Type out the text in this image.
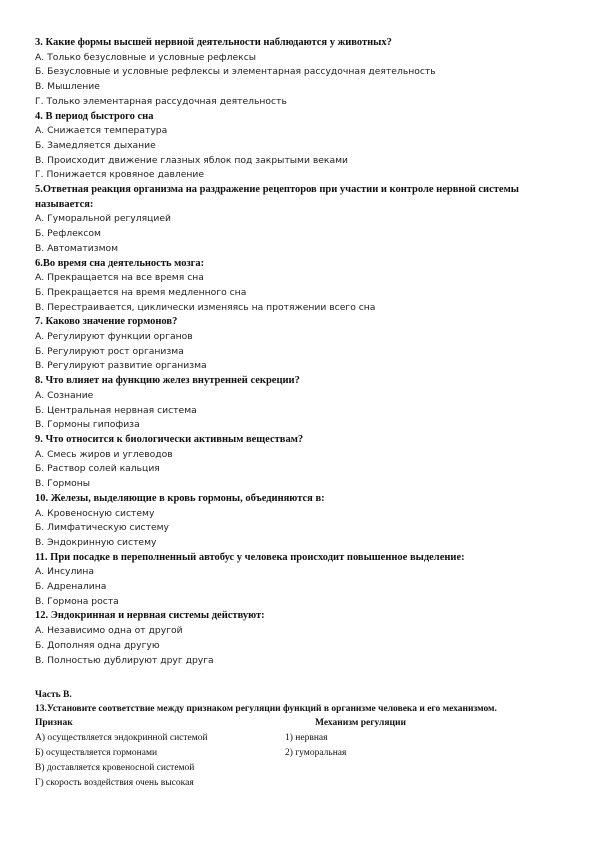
3. Какие формы высшей нервной деятельности наблюдаются у животных?

А. Только безусловные и условные рефлексы

Б. Безусловные и условные рефлексы и элементарная рассудочная деятельность

В. Мышление

Г. Только элементарная рассудочная деятельность

4. В период быстрого сна

А. Снижается температура

Б. Замедляется дыхание

В. Происходит движение глазных яблок под закрытыми веками

Г. Понижается кровяное давление

5.Ответная реакция организма на раздражение рецепторов при участии и контроле нервной системы называется:

А. Гуморальной регуляцией

Б. Рефлексом

В. Автоматизмом

6.Во время сна деятельность мозга:

А. Прекращается на все время сна

Б. Прекращается на время медленного сна

В. Перестраивается, циклически изменяясь на протяжении всего сна

7. Каково значение гормонов?

А. Регулируют функции органов

Б. Регулируют рост организма

В. Регулируют развитие организма

8. Что влияет на функцию желез внутренней секреции?

А. Сознание

Б. Центральная нервная система

В. Гормоны гипофиза

9. Что относится к биологически активным веществам?

А. Смесь жиров и углеводов

Б. Раствор солей кальция

В. Гормоны

10. Железы, выделяющие в кровь гормоны, объединяются в:

А. Кровеносную систему

Б. Лимфатическую систему

В. Эндокринную систему

11. При посадке в переполненный автобус у человека происходит повышенное выделение:

А. Инсулина

Б. Адреналина

В. Гормона роста

12. Эндокринная и нервная системы действуют:

А. Независимо одна от другой

Б. Дополняя одна другую

В. Полностью дублируют друг друга

Часть В.

13.Установите соответствие между признаком регуляции функций в организме человека и его механизмом.

Признак	Механизм регуляции
А) осуществляется эндокринной системой	1) нервная
Б) осуществляется гормонами	2) гуморальная
В) доставляется кровеносной системой
Г) скорость воздействия очень высокая
